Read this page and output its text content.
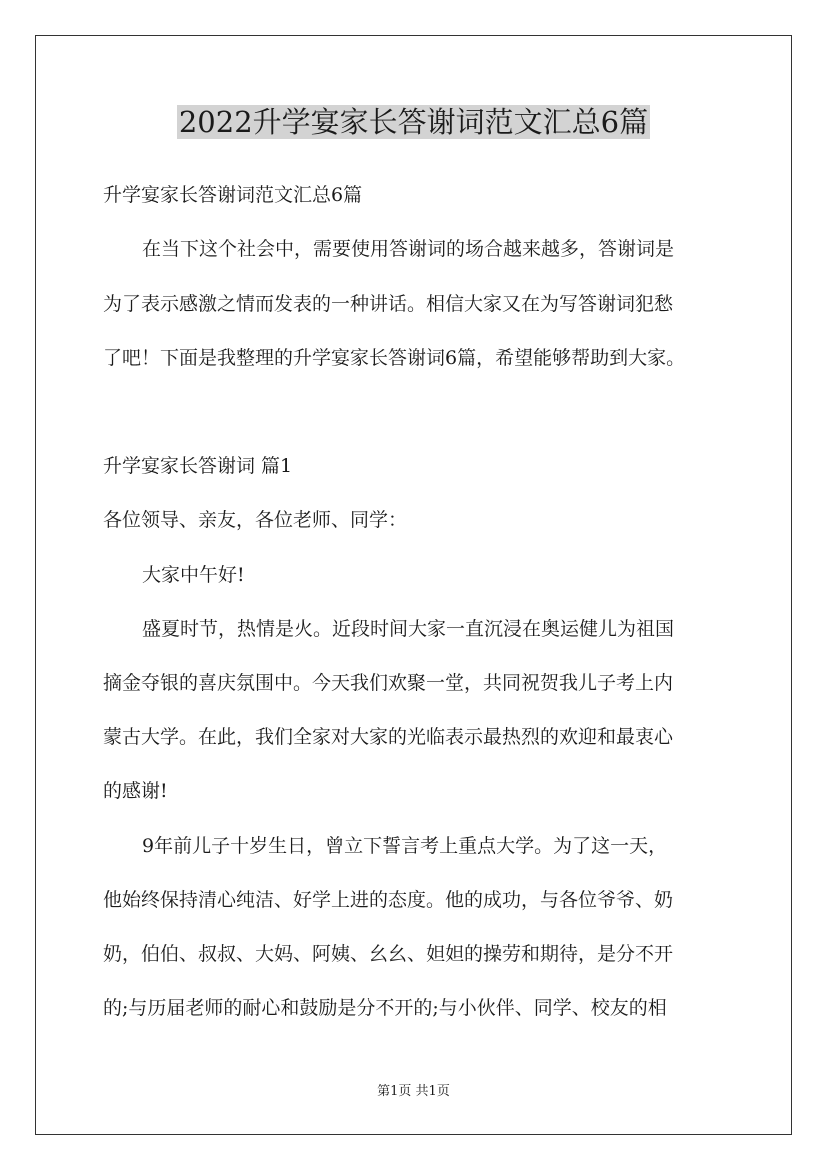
2022升学宴家长答谢词范文汇总6篇

升学宴家长答谢词范文汇总6篇

在当下这个社会中，需要使用答谢词的场合越来越多，答谢词是

为了表示感激之情而发表的一种讲话。相信大家又在为写答谢词犯愁

了吧！下面是我整理的升学宴家长答谢词6篇，希望能够帮助到大家。

升学宴家长答谢词 篇1

各位领导、亲友，各位老师、同学：

大家中午好!

盛夏时节，热情是火。近段时间大家一直沉浸在奥运健儿为祖国

摘金夺银的喜庆氛围中。今天我们欢聚一堂，共同祝贺我儿子考上内

蒙古大学。在此，我们全家对大家的光临表示最热烈的欢迎和最衷心

的感谢!

9年前儿子十岁生日，曾立下誓言考上重点大学。为了这一天，

他始终保持清心纯洁、好学上进的态度。他的成功，与各位爷爷、奶

奶，伯伯、叔叔、大妈、阿姨、幺幺、妲妲的操劳和期待，是分不开

的;与历届老师的耐心和鼓励是分不开的;与小伙伴、同学、校友的相

第1页 共1页
